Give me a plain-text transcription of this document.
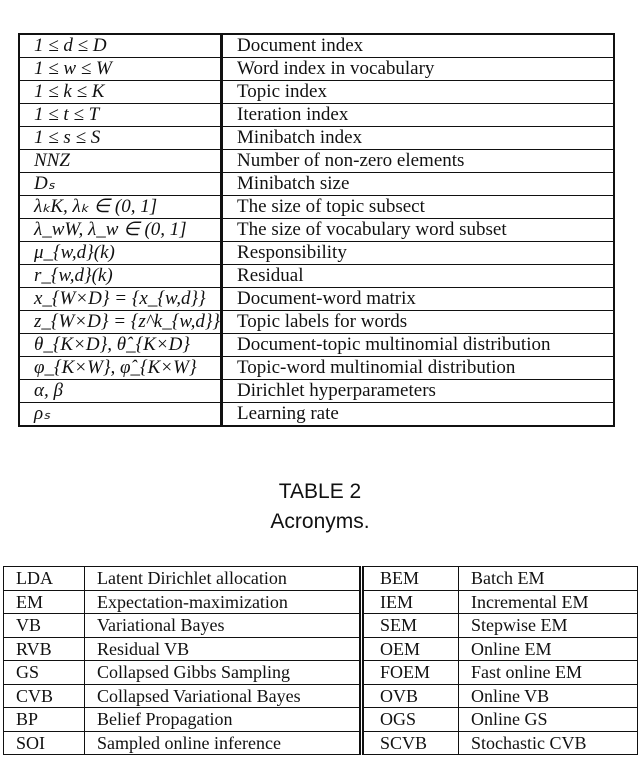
1 ≤ d ≤ D	Document index
1 ≤ w ≤ W	Word index in vocabulary
1 ≤ k ≤ K	Topic index
1 ≤ t ≤ T	Iteration index
1 ≤ s ≤ S	Minibatch index
NNZ	Number of non-zero elements
Dₛ	Minibatch size
λₖK, λₖ ∈ (0, 1]	The size of topic subsect
λ_wW, λ_w ∈ (0, 1]	The size of vocabulary word subset
μ_{w,d}(k)	Responsibility
r_{w,d}(k)	Residual
x_{W×D} = {x_{w,d}}	Document-word matrix
z_{W×D} = {z^k_{w,d}}	Topic labels for words
θ_{K×D}, θ̂_{K×D}	Document-topic multinomial distribution
φ_{K×W}, φ̂_{K×W}	Topic-word multinomial distribution
α, β	Dirichlet hyperparameters
ρₛ	Learning rate
TABLE 2
Acronyms.
LDA	Latent Dirichlet allocation	BEM	Batch EM
EM	Expectation-maximization	IEM	Incremental EM
VB	Variational Bayes	SEM	Stepwise EM
RVB	Residual VB	OEM	Online EM
GS	Collapsed Gibbs Sampling	FOEM	Fast online EM
CVB	Collapsed Variational Bayes	OVB	Online VB
BP	Belief Propagation	OGS	Online GS
SOI	Sampled online inference	SCVB	Stochastic CVB
